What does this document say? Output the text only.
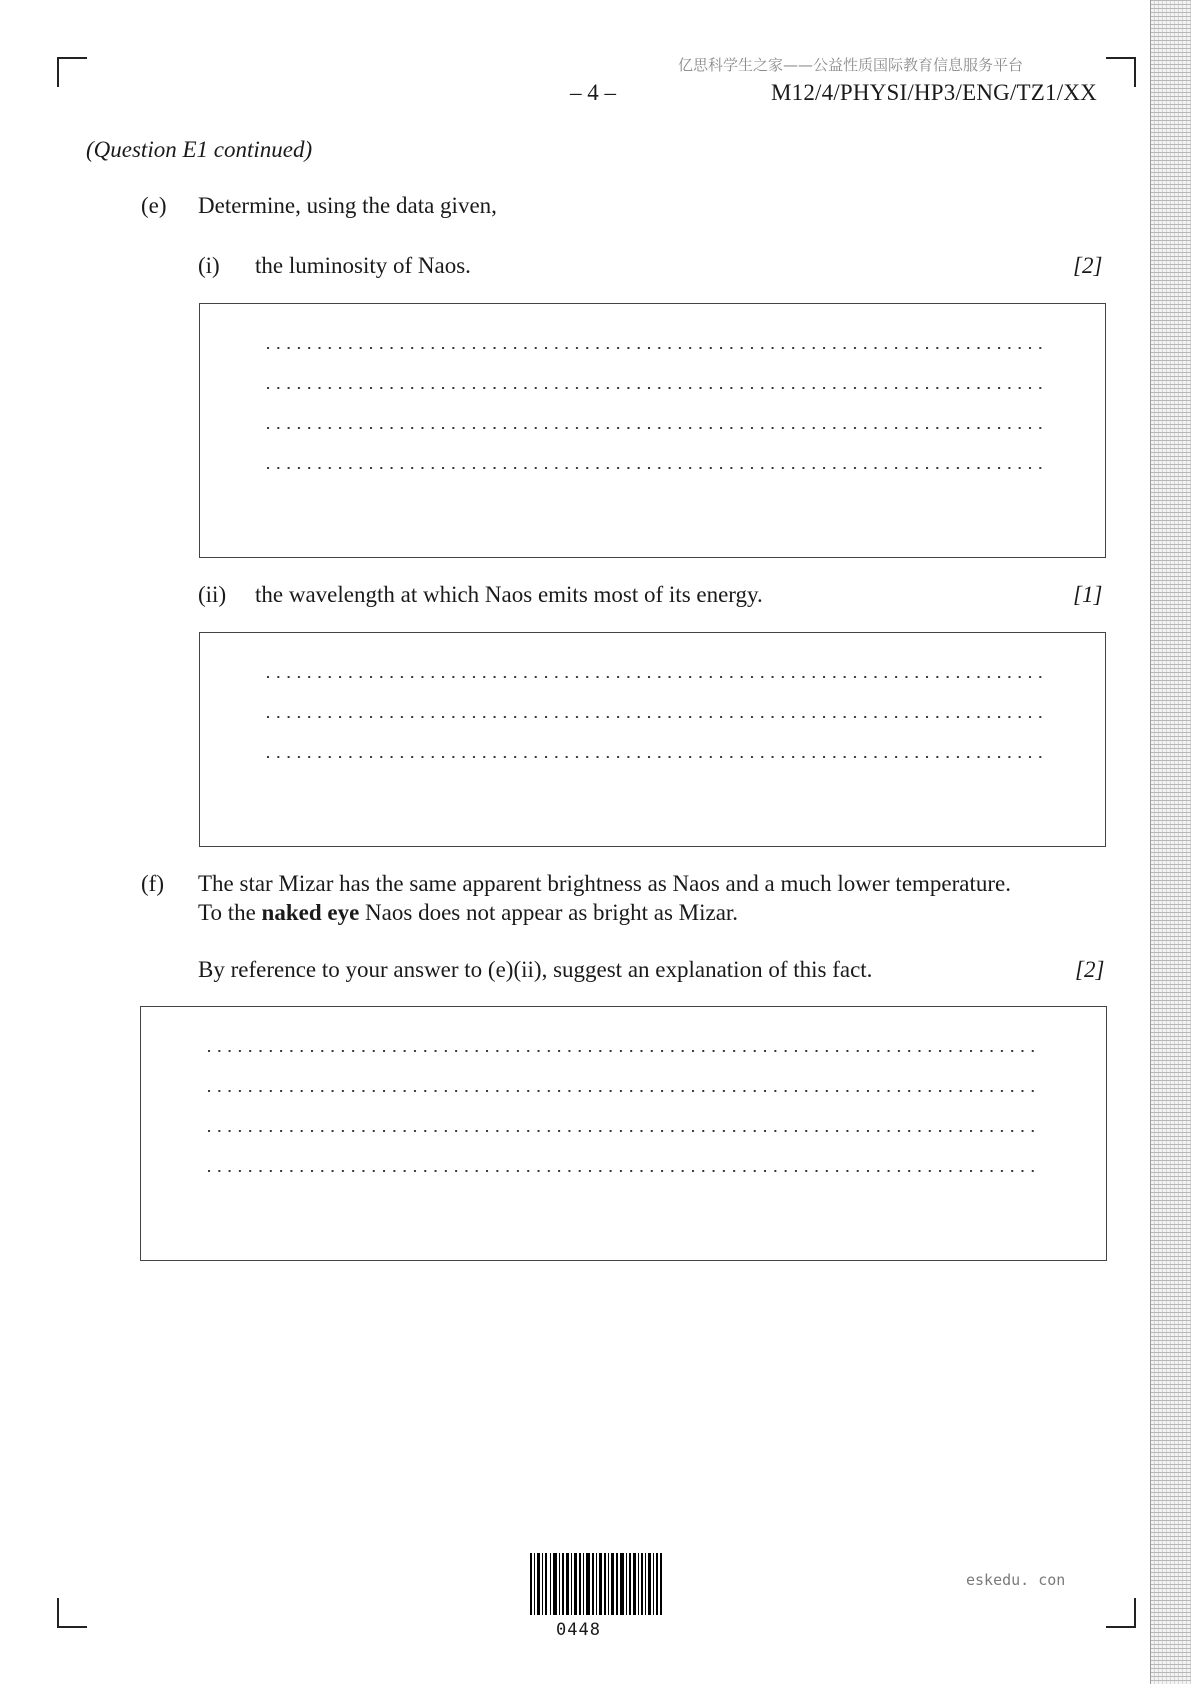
亿思科学生之家——公益性质国际教育信息服务平台
– 4 –	M12/4/PHYSI/HP3/ENG/TZ1/XX
(Question E1 continued)
(e) Determine, using the data given,
(i) the luminosity of Naos.	[2]
(ii) the wavelength at which Naos emits most of its energy.	[1]
(f) The star Mizar has the same apparent brightness as Naos and a much lower temperature.
To the naked eye Naos does not appear as bright as Mizar.
By reference to your answer to (e)(ii), suggest an explanation of this fact.	[2]
0448
eskedu. con
